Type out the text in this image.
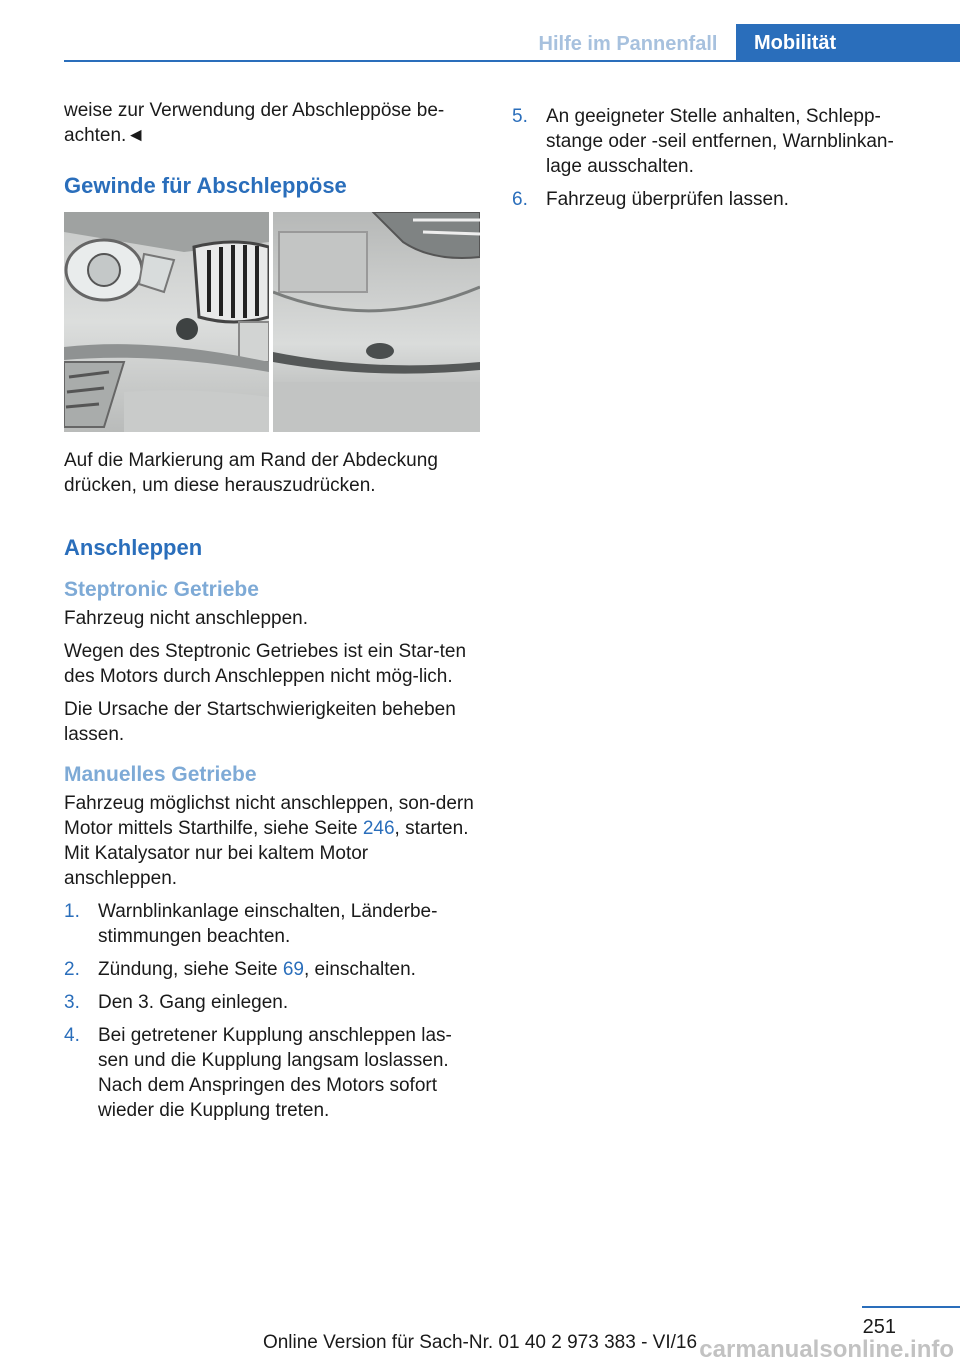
Hilfe im Pannenfall	Mobilität

weise zur Verwendung der Abschleppöse be-achten.◄

Gewinde für Abschleppöse

Auf die Markierung am Rand der Abdeckung drücken, um diese herauszudrücken.

Anschleppen
Steptronic Getriebe

Fahrzeug nicht anschleppen.

Wegen des Steptronic Getriebes ist ein Star-ten des Motors durch Anschleppen nicht mög-lich.

Die Ursache der Startschwierigkeiten beheben lassen.

Manuelles Getriebe

Fahrzeug möglichst nicht anschleppen, son-dern Motor mittels Starthilfe, siehe Seite 246, starten. Mit Katalysator nur bei kaltem Motor anschleppen.

1. Warnblinkanlage einschalten, Länderbe-stimmungen beachten.
2. Zündung, siehe Seite 69, einschalten.
3. Den 3. Gang einlegen.
4. Bei getretener Kupplung anschleppen las-sen und die Kupplung langsam loslassen. Nach dem Anspringen des Motors sofort wieder die Kupplung treten.
5. An geeigneter Stelle anhalten, Schlepp-stange oder -seil entfernen, Warnblinkan-lage ausschalten.
6. Fahrzeug überprüfen lassen.
251
Online Version für Sach-Nr. 01 40 2 973 383 - VI/16 carmanualsonline.info
